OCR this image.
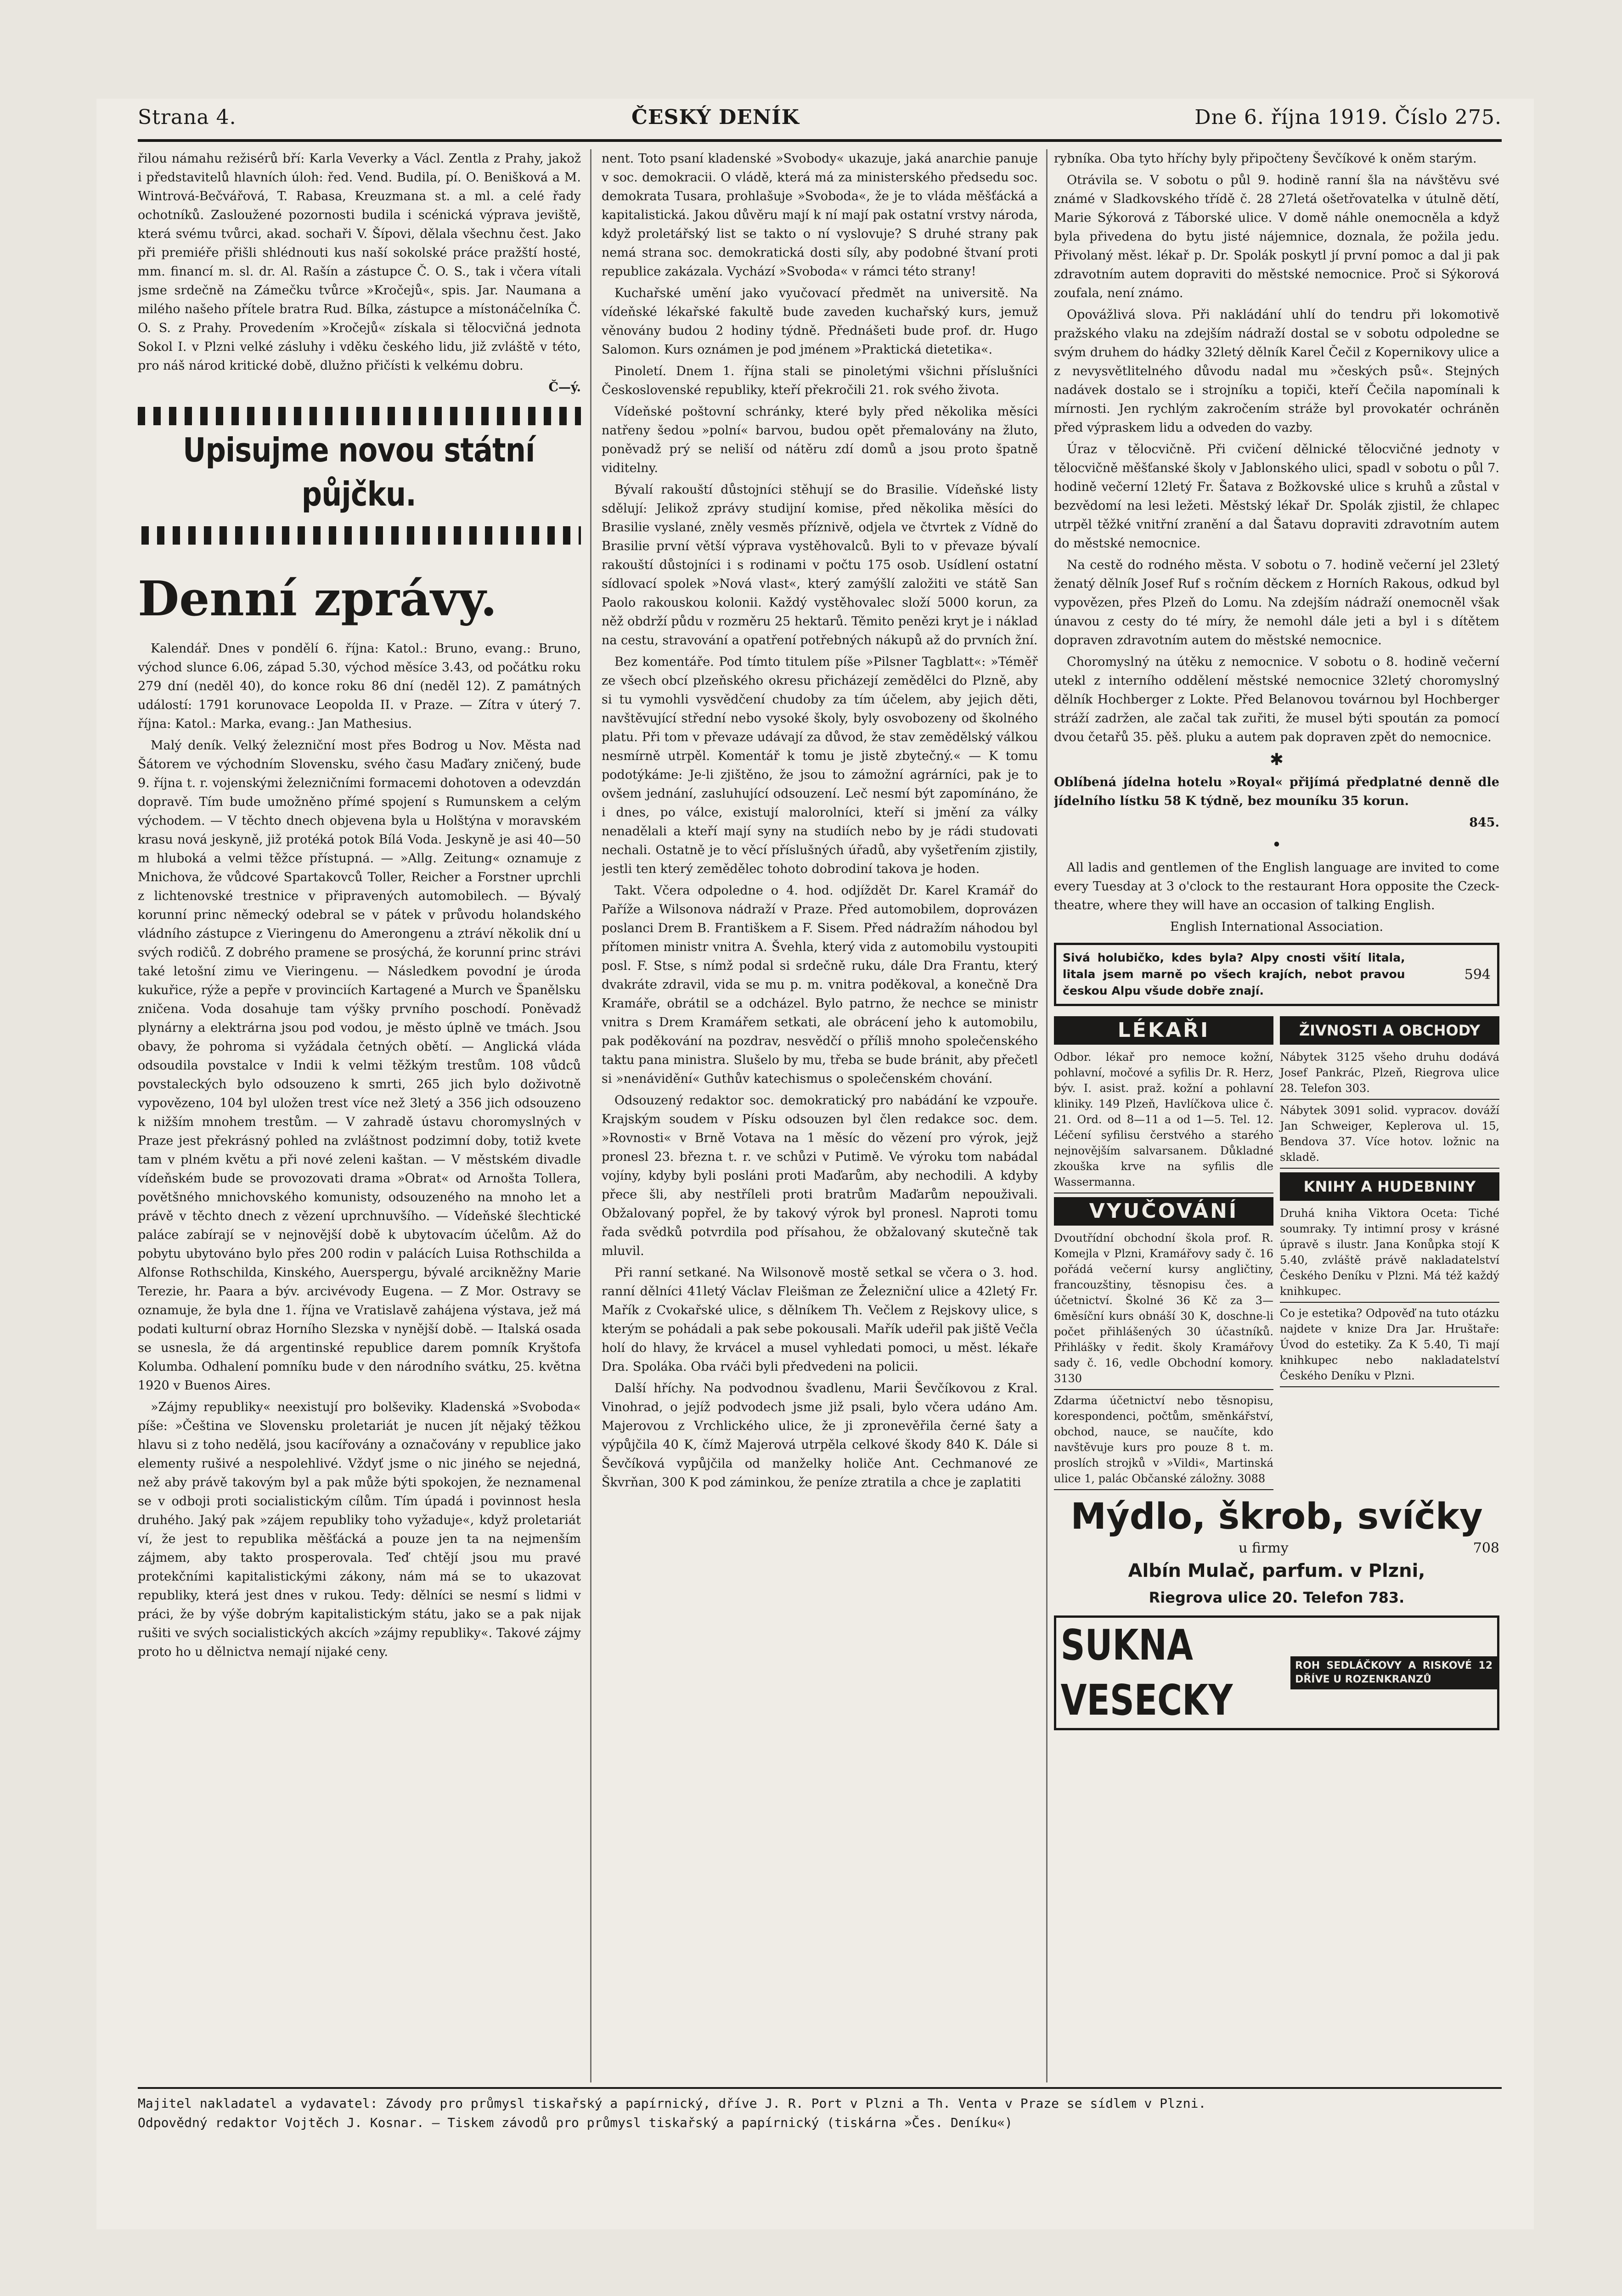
Strana 4.	ČESKÝ DENÍK	Dne 6. října 1919. Číslo 275.

řilou námahu režisérů bří: Karla Veverky a Václ. Zentla z Prahy, jakož i představitelů hlavních úloh: řed. Vend. Budila, pí. O. Benišková a M. Wintrová-Bečvářová, T. Rabasa, Kreuzmana st. a ml. a celé řady ochotníků. Zasloužené pozornosti budila i scénická výprava jeviště, která svému tvůrci, akad. sochaři V. Šípovi, dělala všechnu čest. Jako při premiéře přišli shlédnouti kus naší sokolské práce pražští hosté, mm. financí m. sl. dr. Al. Rašín a zástupce Č. O. S., tak i včera vítali jsme srdečně na Zámečku tvůrce »Kročejů«, spis. Jar. Naumana a milého našeho přítele bratra Rud. Bílka, zástupce a místonáčelníka Č. O. S. z Prahy. Provedením »Kročejů« získala si tělocvičná jednota Sokol I. v Plzni velké zásluhy i vděku českého lidu, již zvláště v této, pro náš národ kritické době, dlužno přičísti k velkému dobru.

Č—ý.
Upisujme novou státní půjčku.
Denní zprávy.

Kalendář. Dnes v pondělí 6. října: Katol.: Bruno, evang.: Bruno, východ slunce 6.06, západ 5.30, východ měsíce 3.43, od počátku roku 279 dní (neděl 40), do konce roku 86 dní (neděl 12). Z památných událostí: 1791 korunovace Leopolda II. v Praze. — Zítra v úterý 7. října: Katol.: Marka, evang.: Jan Mathesius.

Malý deník. Velký železniční most přes Bodrog u Nov. Města nad Šátorem ve východním Slovensku, svého času Maďary zničený, bude 9. října t. r. vojenskými železničními formacemi dohotoven a odevzdán dopravě. Tím bude umožněno přímé spojení s Rumunskem a celým východem. — V těchto dnech objevena byla u Holštýna v moravském krasu nová jeskyně, již protéká potok Bílá Voda. Jeskyně je asi 40—50 m hluboká a velmi těžce přístupná. — »Allg. Zeitung« oznamuje z Mnichova, že vůdcové Spartakovců Toller, Reicher a Forstner uprchli z lichtenovské trestnice v připravených automobilech. — Bývalý korunní princ německý odebral se v pátek v průvodu holandského vládního zástupce z Vieringenu do Amerongenu a ztráví několik dní u svých rodičů. Z dobrého pramene se prosýchá, že korunní princ strávi také letošní zimu ve Vieringenu. — Následkem povodní je úroda kukuřice, rýže a pepře v provinciích Kartagené a Murch ve Španělsku zničena. Voda dosahuje tam výšky prvního poschodí. Poněvadž plynárny a elektrárna jsou pod vodou, je město úplně ve tmách. Jsou obavy, že pohroma si vyžádala četných obětí. — Anglická vláda odsoudila povstalce v Indii k velmi těžkým trestům. 108 vůdců povstaleckých bylo odsouzeno k smrti, 265 jich bylo doživotně vypovězeno, 104 byl uložen trest více než 3letý a 356 jich odsouzeno k nižším mnohem trestům. — V zahradě ústavu choromyslných v Praze jest překrásný pohled na zvláštnost podzimní doby, totiž kvete tam v plném květu a při nové zeleni kaštan. — V městském divadle vídeňském bude se provozovati drama »Obrat« od Arnošta Tollera, povětšného mnichovského komunisty, odsouzeného na mnoho let a právě v těchto dnech z vězení uprchnuvšího. — Vídeňské šlechtické paláce zabírají se v nejnovější době k ubytovacím účelům. Až do pobytu ubytováno bylo přes 200 rodin v palácích Luisa Rothschilda a Alfonse Rothschilda, Kinského, Auerspergu, bývalé arcikněžny Marie Terezie, hr. Paara a býv. arcivévody Eugena. — Z Mor. Ostravy se oznamuje, že byla dne 1. října ve Vratislavě zahájena výstava, jež má podati kulturní obraz Horního Slezska v nynější době. — Italská osada se usnesla, že dá argentinské republice darem pomník Kryštofa Kolumba. Odhalení pomníku bude v den národního svátku, 25. května 1920 v Buenos Aires.

»Zájmy republiky« neexistují pro bolševiky. Kladenská »Svoboda« píše: »Čeština ve Slovensku proletariát je nucen jít nějaký těžkou hlavu si z toho nedělá, jsou kacířovány a označovány v republice jako elementy rušivé a nespolehlivé. Vždyť jsme o nic jiného se nejedná, než aby právě takovým byl a pak může býti spokojen, že neznamenal se v odboji proti socialistickým cílům. Tím úpadá i povinnost hesla druhého. Jaký pak »zájem republiky toho vyžaduje«, když proletariát ví, že jest to republika měšťácká a pouze jen ta na nejmenším zájmem, aby takto prosperovala. Teď chtějí jsou mu pravé protekčními kapitalistickými zákony, nám má se to ukazovat republiky, která jest dnes v rukou. Tedy: dělníci se nesmí s lidmi v práci, že by výše dobrým kapitalistickým státu, jako se a pak nijak rušiti ve svých socialistických akcích »zájmy republiky«. Takové zájmy proto ho u dělnictva nemají nijaké ceny.

nent. Toto psaní kladenské »Svobody« ukazuje, jaká anarchie panuje v soc. demokracii. O vládě, která má za ministerského předsedu soc. demokrata Tusara, prohlašuje »Svoboda«, že je to vláda měšťácká a kapitalistická. Jakou důvěru mají k ní mají pak ostatní vrstvy národa, když proletářský list se takto o ní vyslovuje? S druhé strany pak nemá strana soc. demokratická dosti síly, aby podobné štvaní proti republice zakázala. Vychází »Svoboda« v rámci této strany!

Kuchařské umění jako vyučovací předmět na universitě. Na vídeňské lékařské fakultě bude zaveden kuchařský kurs, jemuž věnovány budou 2 hodiny týdně. Přednášeti bude prof. dr. Hugo Salomon. Kurs oznámen je pod jménem »Praktická dietetika«.

Pinoletí. Dnem 1. října stali se pinoletými všichni příslušníci Československé republiky, kteří překročili 21. rok svého života.

Vídeňské poštovní schránky, které byly před několika měsíci natřeny šedou »polní« barvou, budou opět přemalovány na žluto, poněvadž prý se neliší od nátěru zdí domů a jsou proto špatně viditelny.

Bývalí rakouští důstojníci stěhují se do Brasilie. Vídeňské listy sdělují: Jelikož zprávy studijní komise, před několika měsíci do Brasilie vyslané, zněly vesměs příznivě, odjela ve čtvrtek z Vídně do Brasilie první větší výprava vystěhovalců. Byli to v převaze bývalí rakouští důstojníci i s rodinami v počtu 175 osob. Usídlení ostatní sídlovací spolek »Nová vlast«, který zamýšlí založiti ve státě San Paolo rakouskou kolonii. Každý vystěhovalec složí 5000 korun, za něž obdrží půdu v rozměru 25 hektarů. Těmito penězi kryt je i náklad na cestu, stravování a opatření potřebných nákupů až do prvních žní.

Bez komentáře. Pod tímto titulem píše »Pilsner Tagblatt«: »Téměř ze všech obcí plzeňského okresu přicházejí zemědělci do Plzně, aby si tu vymohli vysvědčení chudoby za tím účelem, aby jejich děti, navštěvující střední nebo vysoké školy, byly osvobozeny od školného platu. Při tom v převaze udávají za důvod, že stav zemědělský válkou nesmírně utrpěl. Komentář k tomu je jistě zbytečný.« — K tomu podotýkáme: Je-li zjištěno, že jsou to zámožní agrárníci, pak je to ovšem jednání, zasluhující odsouzení. Leč nesmí být zapomínáno, že i dnes, po válce, existují malorolníci, kteří si jmění za války nenadělali a kteří mají syny na studiích nebo by je rádi studovati nechali. Ostatně je to věcí příslušných úřadů, aby vyšetřením zjistily, jestli ten který zemědělec tohoto dobrodiní takova je hoden.

Takt. Včera odpoledne o 4. hod. odjíždět Dr. Karel Kramář do Paříže a Wilsonova nádraží v Praze. Před automobilem, doprovázen poslanci Drem B. Františkem a F. Sisem. Před nádražím náhodou byl přítomen ministr vnitra A. Švehla, který vida z automobilu vystoupiti posl. F. Stse, s nímž podal si srdečně ruku, dále Dra Frantu, který dvakráte zdravil, vida se mu p. m. vnitra poděkoval, a konečně Dra Kramáře, obrátil se a odcházel. Bylo patrno, že nechce se ministr vnitra s Drem Kramářem setkati, ale obrácení jeho k automobilu, pak poděkování na pozdrav, nesvědčí o příliš mnoho společenského taktu pana ministra. Slušelo by mu, třeba se bude bránit, aby přečetl si »nenávidění« Guthův katechismus o společenském chování.

Odsouzený redaktor soc. demokratický pro nabádání ke vzpouře. Krajským soudem v Písku odsouzen byl člen redakce soc. dem. »Rovnosti« v Brně Votava na 1 měsíc do vězení pro výrok, jejž pronesl 23. března t. r. ve schůzi v Putimě. Ve výroku tom nabádal vojíny, kdyby byli posláni proti Maďarům, aby nechodili. A kdyby přece šli, aby nestříleli proti bratrům Maďarům nepouživali. Obžalovaný popřel, že by takový výrok byl pronesl. Naproti tomu řada svědků potvrdila pod přísahou, že obžalovaný skutečně tak mluvil.

Při ranní setkané. Na Wilsonově mostě setkal se včera o 3. hod. ranní dělníci 41letý Václav Fleišman ze Železniční ulice a 42letý Fr. Mařík z Cvokařské ulice, s dělníkem Th. Večlem z Rejskovy ulice, s kterým se pohádali a pak sebe pokousali. Mařík udeřil pak jiště Večla holí do hlavy, že krvácel a musel vyhledati pomoci, u měst. lékaře Dra. Spoláka. Oba rváči byli předvedeni na policii.

Další hříchy. Na podvodnou švadlenu, Marii Ševčíkovou z Kral. Vinohrad, o jejíž podvodech jsme již psali, bylo včera udáno Am. Majerovou z Vrchlického ulice, že ji zpronevěřila černé šaty a výpůjčila 40 K, čímž Majerová utrpěla celkové škody 840 K. Dále si Ševčíková vypůjčila od manželky holiče Ant. Cechmanové ze Škvrňan, 300 K pod záminkou, že peníze ztratila a chce je zaplatiti

rybníka. Oba tyto hříchy byly připočteny Ševčíkové k oněm starým.

Otrávila se. V sobotu o půl 9. hodině ranní šla na návštěvu své známé v Sladkovského třídě č. 28 27letá ošetřovatelka v útulně dětí, Marie Sýkorová z Táborské ulice. V domě náhle onemocněla a když byla přivedena do bytu jisté nájemnice, doznala, že požila jedu. Přivolaný měst. lékař p. Dr. Spolák poskytl jí první pomoc a dal ji pak zdravotním autem dopraviti do městské nemocnice. Proč si Sýkorová zoufala, není známo.

Opovážlivá slova. Při nakládání uhlí do tendru při lokomotivě pražského vlaku na zdejším nádraží dostal se v sobotu odpoledne se svým druhem do hádky 32letý dělník Karel Čečil z Kopernikovy ulice a z nevysvětlitelného důvodu nadal mu »českých psů«. Stejných nadávek dostalo se i strojníku a topiči, kteří Čečila napomínali k mírnosti. Jen rychlým zakročením stráže byl provokatér ochráněn před výpraskem lidu a odveden do vazby.

Úraz v tělocvičně. Při cvičení dělnické tělocvičné jednoty v tělocvičně měšťanské školy v Jablonského ulici, spadl v sobotu o půl 7. hodině večerní 12letý Fr. Šatava z Božkovské ulice s kruhů a zůstal v bezvědomí na lesi ležeti. Městský lékař Dr. Spolák zjistil, že chlapec utrpěl těžké vnitřní zranění a dal Šatavu dopraviti zdravotním autem do městské nemocnice.

Na cestě do rodného města. V sobotu o 7. hodině večerní jel 23letý ženatý dělník Josef Ruf s ročním děckem z Horních Rakous, odkud byl vypovězen, přes Plzeň do Lomu. Na zdejším nádraží onemocněl však únavou z cesty do té míry, že nemohl dále jeti a byl i s dítětem dopraven zdravotním autem do městské nemocnice.

Choromyslný na útěku z nemocnice. V sobotu o 8. hodině večerní utekl z interního oddělení městské nemocnice 32letý choromyslný dělník Hochberger z Lokte. Před Belanovou továrnou byl Hochberger stráží zadržen, ale začal tak zuřiti, že musel býti spoután za pomocí dvou četařů 35. pěš. pluku a autem pak dopraven zpět do nemocnice.

✱

Oblíbená jídelna hotelu »Royal« přijímá předplatné denně dle jídelního lístku 58 K týdně, bez mouníku 35 korun.

845.
•

All ladis and gentlemen of the English language are invited to come every Tuesday at 3 o'clock to the restaurant Hora opposite the Czeck-theatre, where they will have an occasion of talking English.

English International Association.
Sivá holubičko, kdes byla? Alpy cnosti všití litala, litala jsem marně po všech krajích, nebot pravou českou Alpu všude dobře znají.
594
LÉKAŘI
Odbor. lékař pro nemoce kožní, pohlavní, močové a syfilis Dr. R. Herz, býv. I. asist. praž. kožní a pohlavní kliniky. 149 Plzeň, Havlíčkova ulice č. 21. Ord. od 8—11 a od 1—5. Tel. 12. Léčení syfilisu čerstvého a starého nejnovějším salvarsanem. Důkladné zkouška krve na syfilis dle Wassermanna.
VYUČOVÁNÍ
Dvoutřídní obchodní škola prof. R. Komejla v Plzni, Kramářovy sady č. 16 pořádá večerní kursy angličtiny, francouzštiny, těsnopisu čes. a účetnictví. Školné 36 Kč za 3—6měsíční kurs obnáší 30 K, doschne-li počet přihlášených 30 účastníků. Přihlášky v ředit. školy Kramářovy sady č. 16, vedle Obchodní komory. 3130
Zdarma účetnictví nebo těsnopisu, korespondenci, počtům, směnkářství, obchod, nauce, se naučíte, kdo navštěvuje kurs pro pouze 8 t. m. proslích strojků v »Vildi«, Martinská ulice 1, palác Občanské záložny. 3088
ŽIVNOSTI A OBCHODY
Nábytek 3125 všeho druhu dodává Josef Pankrác, Plzeň, Riegrova ulice 28. Telefon 303.
Nábytek 3091 solid. vypracov. dováží Jan Schweiger, Keplerova ul. 15, Bendova 37. Více hotov. ložnic na skladě.
KNIHY A HUDEBNINY
Druhá kniha Viktora Oceta: Tiché soumraky. Ty intimní prosy v krásné úpravě s ilustr. Jana Konůpka stojí K 5.40, zvláště právě nakladatelství Českého Deníku v Plzni. Má též každý knihkupec.
Co je estetika? Odpověď na tuto otázku najdete v knize Dra Jar. Hruštaře: Úvod do estetiky. Za K 5.40, Ti mají knihkupec nebo nakladatelství Českého Deníku v Plzni.
Mýdlo, škrob, svíčky
u firmy	708
Albín Mulač, parfum. v Plzni,
Riegrova ulice 20. Telefon 783.
SUKNA VESECKY
ROH SEDLÁČKOVY A RISKOVÉ 12 DŘÍVE U ROZENKRANZŮ
Majitel nakladatel a vydavatel: Závody pro průmysl tiskařský a papírnický, dříve J. R. Port v Plzni a Th. Venta v Praze se sídlem v Plzni.
Odpovědný redaktor Vojtěch J. Kosnar. — Tiskem závodů pro průmysl tiskařský a papírnický (tiskárna »Čes. Deníku«)
